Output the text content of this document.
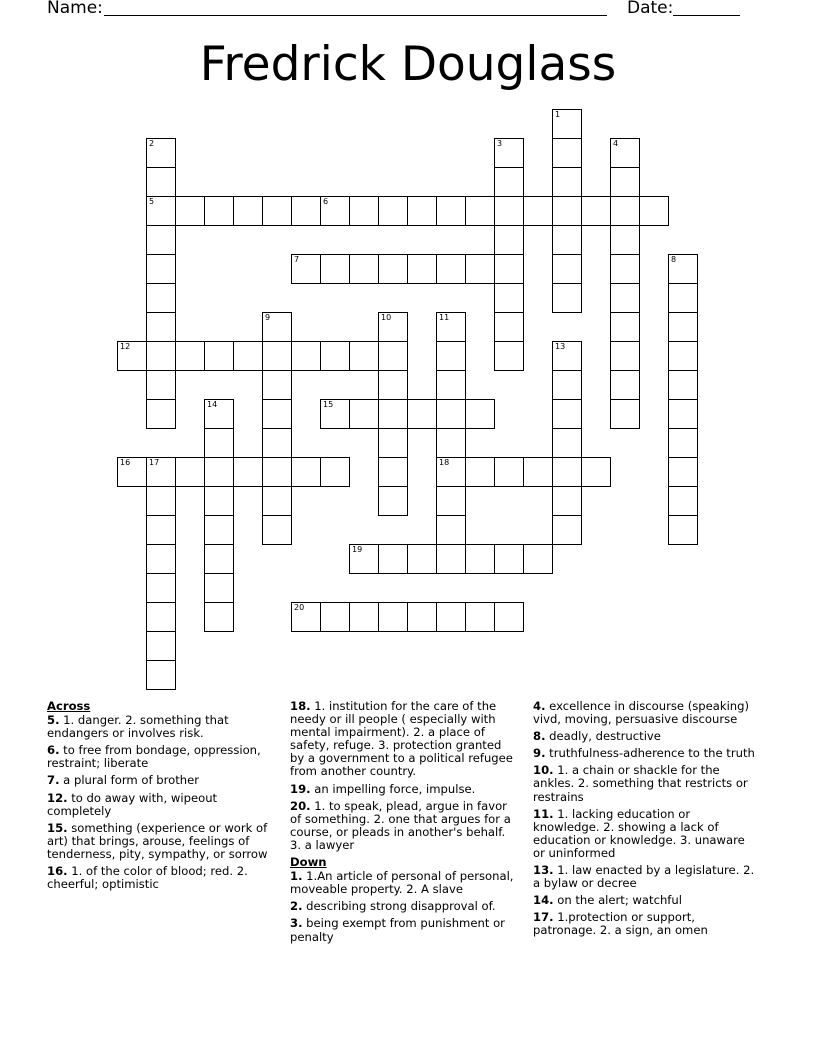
Name:	Date:
Fredrick Douglass
1
2
5
3	4
6
7	8
9	10	11
18
12	13
14	15
16 17
19
20
Across
5. 1. danger. 2. something that endangers or involves risk.
6. to free from bondage, oppression, restraint; liberate
7. a plural form of brother
12. to do away with, wipeout completely
15. something (experience or work of art) that brings, arouse, feelings of tenderness, pity, sympathy, or sorrow
16. 1. of the color of blood; red. 2. cheerful; optimistic
18. 1. institution for the care of the needy or ill people ( especially with mental impairment). 2. a place of safety, refuge. 3. protection granted by a government to a political refugee from another country.
19. an impelling force, impulse.
20. 1. to speak, plead, argue in favor of something. 2. one that argues for a course, or pleads in another's behalf. 3. a lawyer
Down
1. 1.An article of personal of personal, moveable property. 2. A slave
2. describing strong disapproval of.
3. being exempt from punishment or penalty
4. excellence in discourse (speaking) vivd, moving, persuasive discourse
8. deadly, destructive
9. truthfulness-adherence to the truth
10. 1. a chain or shackle for the ankles. 2. something that restricts or restrains
11. 1. lacking education or knowledge. 2. showing a lack of education or knowledge. 3. unaware or uninformed
13. 1. law enacted by a legislature. 2. a bylaw or decree
14. on the alert; watchful
17. 1.protection or support, patronage. 2. a sign, an omen
